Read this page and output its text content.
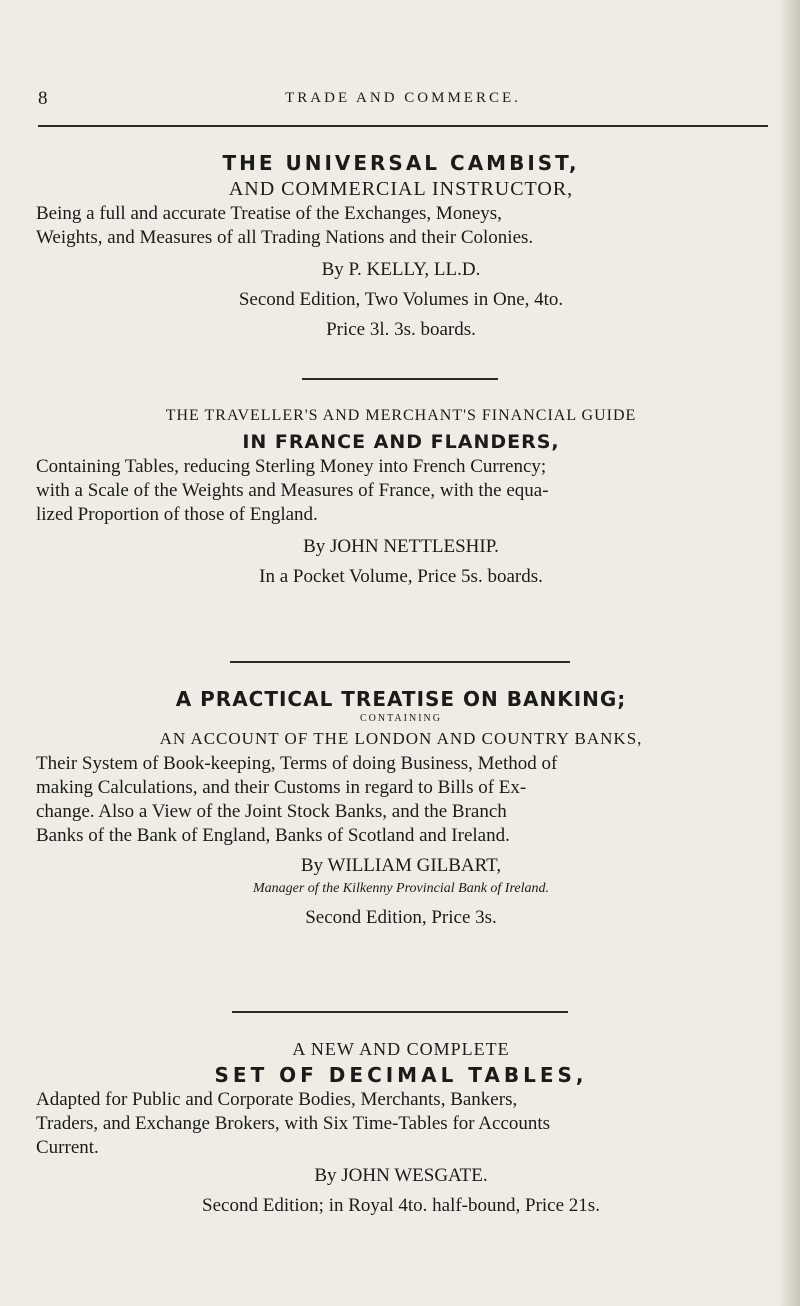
8	TRADE AND COMMERCE.
THE UNIVERSAL CAMBIST,
AND COMMERCIAL INSTRUCTOR,
Being a full and accurate Treatise of the Exchanges, Moneys,
Weights, and Measures of all Trading Nations and their Colonies.
By P. KELLY, LL.D.
Second Edition, Two Volumes in One, 4to.
Price 3l. 3s. boards.
THE TRAVELLER'S AND MERCHANT'S FINANCIAL GUIDE
IN FRANCE AND FLANDERS,
Containing Tables, reducing Sterling Money into French Currency;
with a Scale of the Weights and Measures of France, with the equa-
lized Proportion of those of England.
By JOHN NETTLESHIP.
In a Pocket Volume, Price 5s. boards.
A PRACTICAL TREATISE ON BANKING;
CONTAINING
AN ACCOUNT OF THE LONDON AND COUNTRY BANKS,
Their System of Book-keeping, Terms of doing Business, Method of
making Calculations, and their Customs in regard to Bills of Ex-
change. Also a View of the Joint Stock Banks, and the Branch
Banks of the Bank of England, Banks of Scotland and Ireland.
By WILLIAM GILBART,
Manager of the Kilkenny Provincial Bank of Ireland.
Second Edition, Price 3s.
A NEW AND COMPLETE
SET OF DECIMAL TABLES,
Adapted for Public and Corporate Bodies, Merchants, Bankers,
Traders, and Exchange Brokers, with Six Time-Tables for Accounts
Current.
By JOHN WESGATE.
Second Edition; in Royal 4to. half-bound, Price 21s.
